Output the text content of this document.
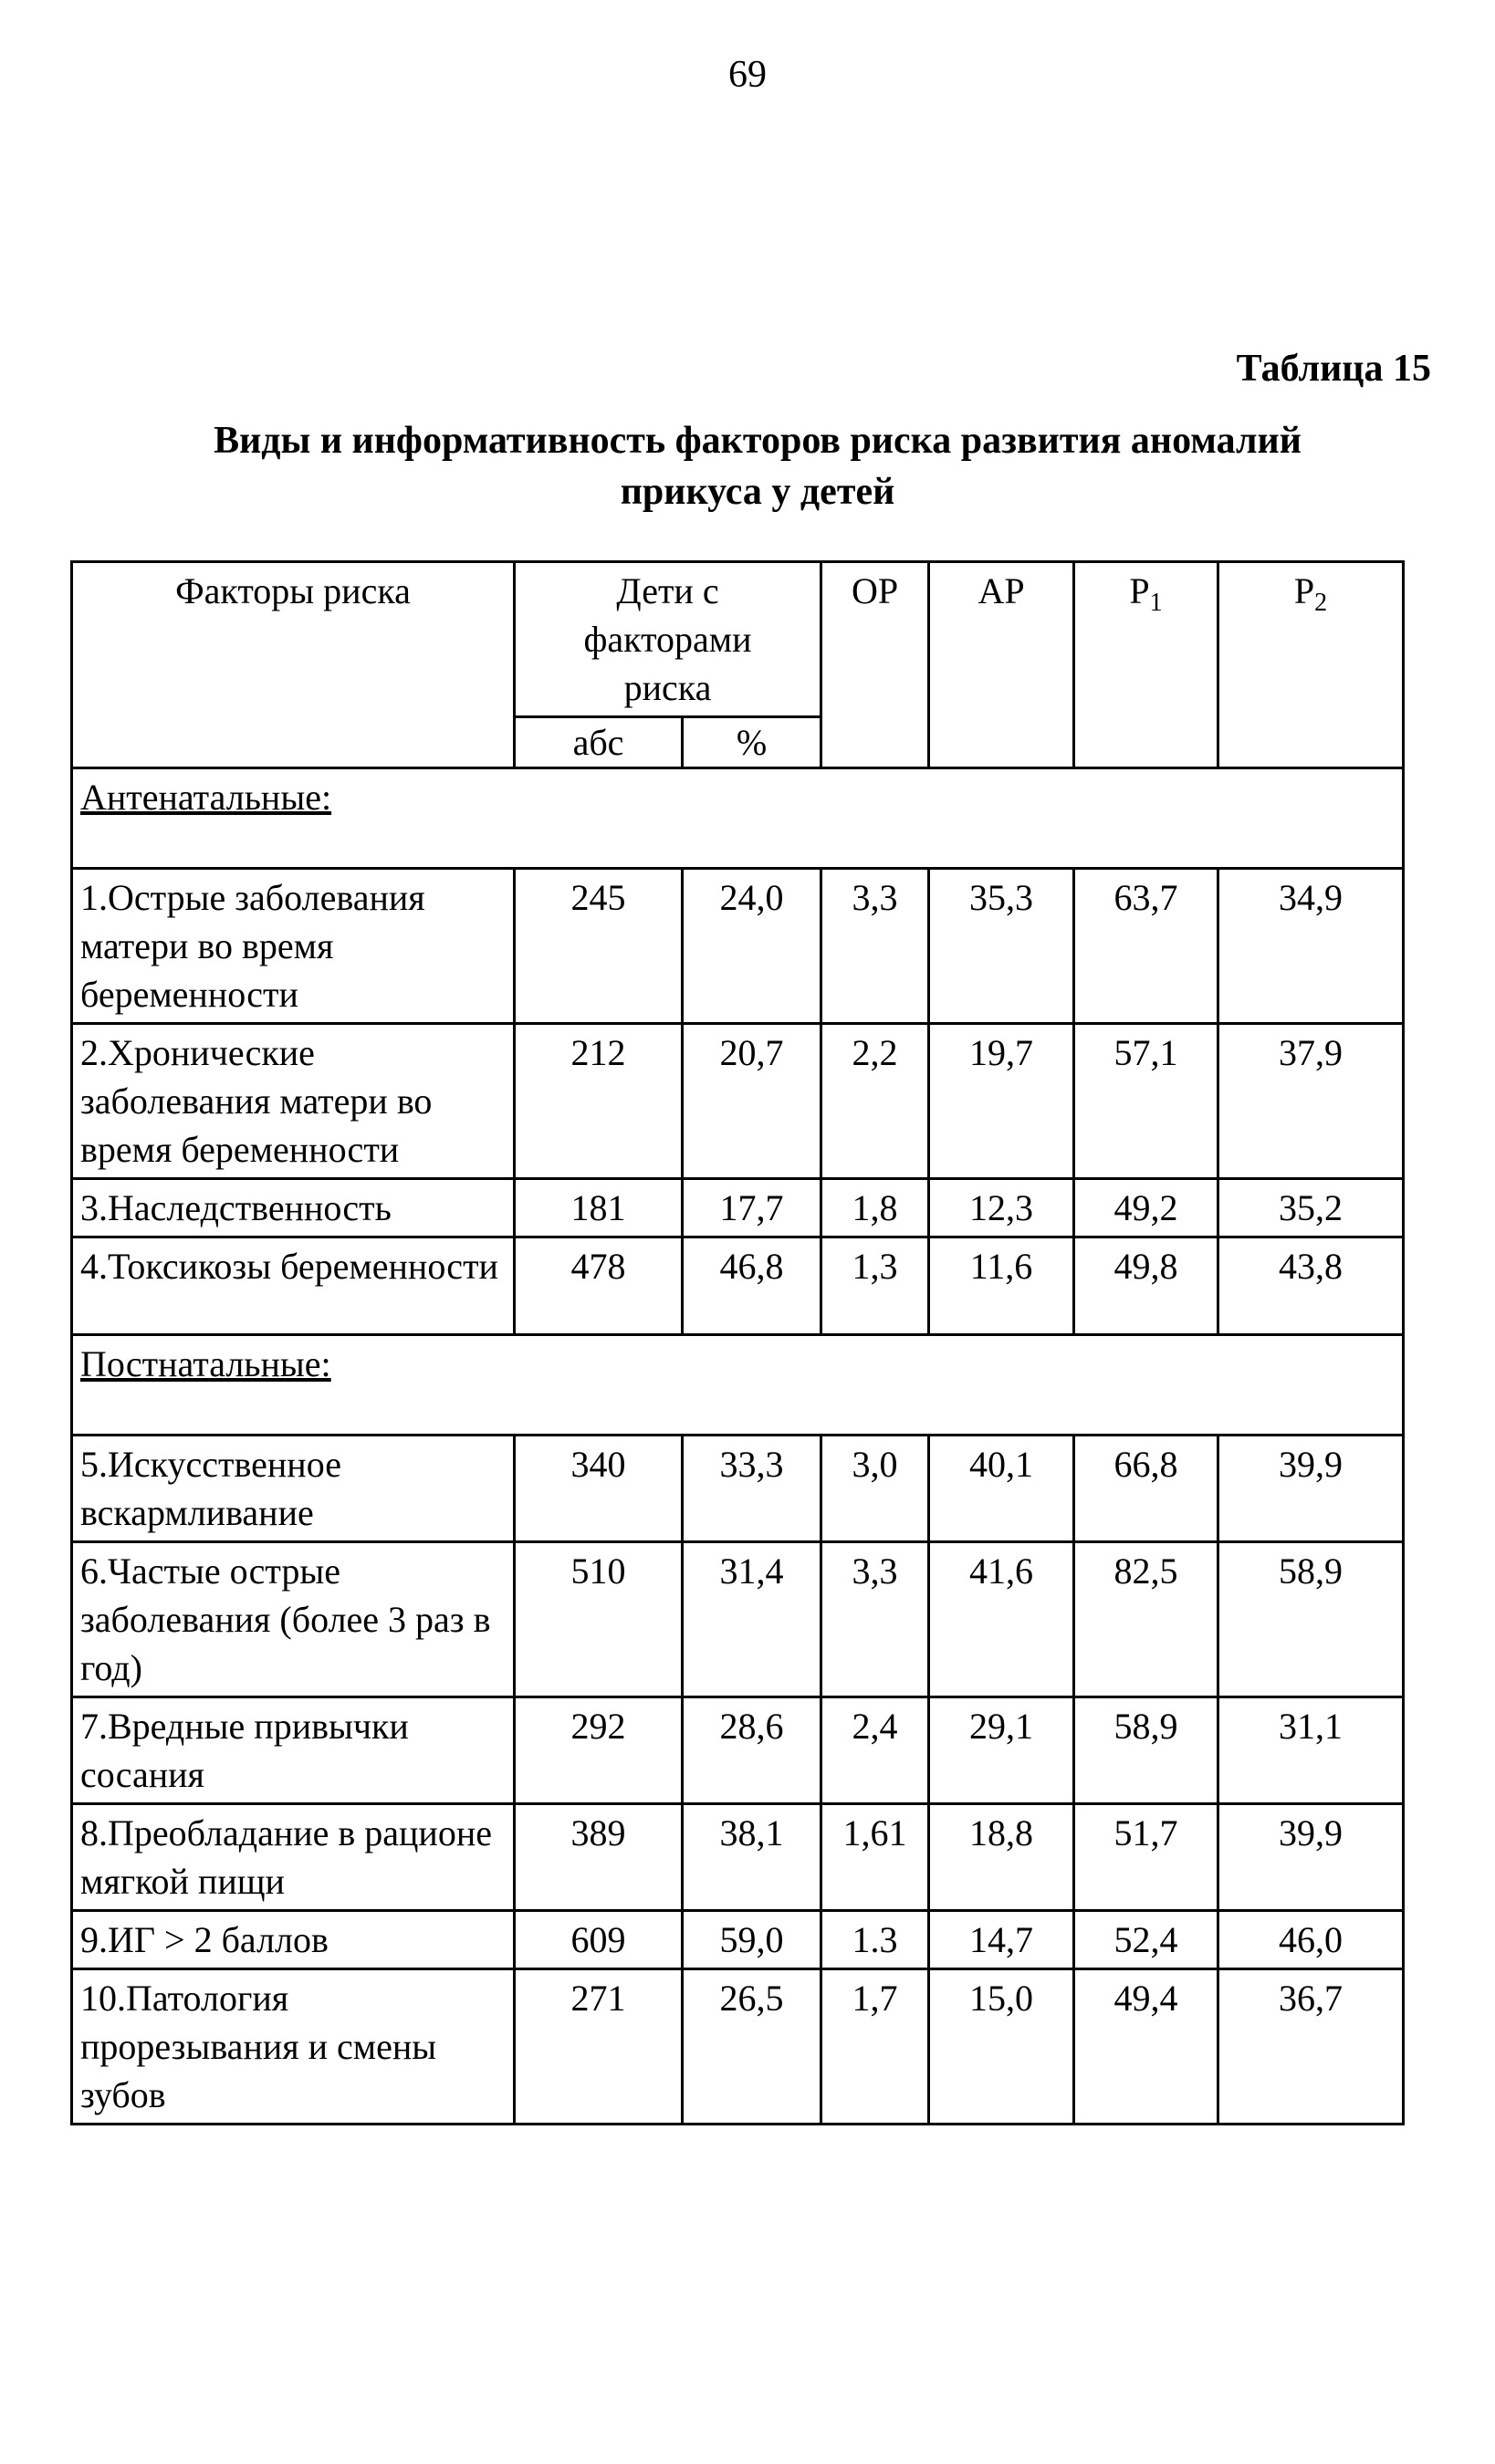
69
Таблица 15
Виды и информативность факторов риска развития аномалий
прикуса у детей
Факторы риска	Дети с факторами риска		ОР	АР	$P_1$	$P_2$
	абс	%				
Антенатальные:						
1.Острые заболевания матери во время беременности	245	24,0	3,3	35,3	63,7	34,9
2.Хронические заболевания матери во время беременности	212	20,7	2,2	19,7	57,1	37,9
3.Наследственность	181	17,7	1,8	12,3	49,2	35,2
4.Токсикозы беременности	478	46,8	1,3	11,6	49,8	43,8
Постнатальные:						
5.Искусственное вскармливание	340	33,3	3,0	40,1	66,8	39,9
6.Частые острые заболевания (более 3 раз в год)	510	31,4	3,3	41,6	82,5	58,9
7.Вредные привычки сосания	292	28,6	2,4	29,1	58,9	31,1
8.Преобладание в рационе мягкой пищи	389	38,1	1,61	18,8	51,7	39,9
9.ИГ > 2 баллов	609	59,0	1.3	14,7	52,4	46,0
10.Патология прорезывания и смены зубов	271	26,5	1,7	15,0	49,4	36,7
